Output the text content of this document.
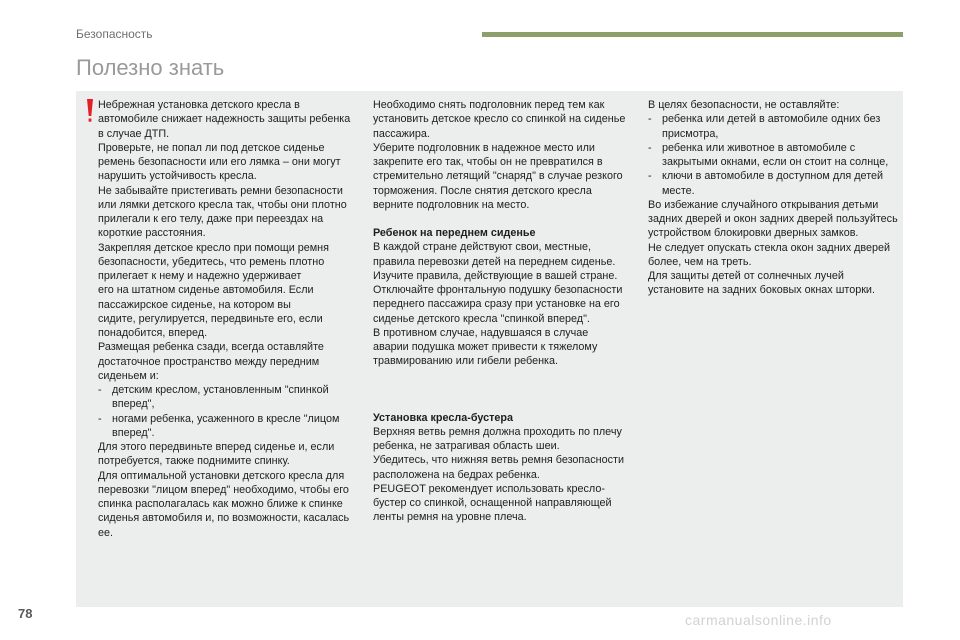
Безопасность
Полезно знать

Небрежная установка детского кресла в
автомобиле снижает надежность защиты ребенка
в случае ДТП.
Проверьте, не попал ли под детское сиденье
ремень безопасности или его лямка – они могут
нарушить устойчивость кресла.
Не забывайте пристегивать ремни безопасности
или лямки детского кресла так, чтобы они плотно
прилегали к его телу, даже при переездах на
короткие расстояния.
Закрепляя детское кресло при помощи ремня
безопасности, убедитесь, что ремень плотно
прилегает к нему и надежно удерживает
его на штатном сиденье автомобиля. Если
пассажирское сиденье, на котором вы
сидите, регулируется, передвиньте его, если
понадобится, вперед.
Размещая ребенка сзади, всегда оставляйте
достаточное пространство между передним
сиденьем и:

- детским креслом, установленным "спинкой
вперед",
- ногами ребенка, усаженного в кресле "лицом
вперед".

Для этого передвиньте вперед сиденье и, если
потребуется, также поднимите спинку.
Для оптимальной установки детского кресла для
перевозки "лицом вперед" необходимо, чтобы его
спинка располагалась как можно ближе к спинке
сиденья автомобиля и, по возможности, касалась
ее.

Необходимо снять подголовник перед тем как
установить детское кресло со спинкой на сиденье
пассажира.
Уберите подголовник в надежное место или
закрепите его так, чтобы он не превратился в
стремительно летящий "снаряд" в случае резкого
торможения. После снятия детского кресла
верните подголовник на место.

Ребенок на переднем сиденье

В каждой стране действуют свои, местные,
правила перевозки детей на переднем сиденье.
Изучите правила, действующие в вашей стране.
Отключайте фронтальную подушку безопасности
переднего пассажира сразу при установке на его
сиденье детского кресла "спинкой вперед".
В противном случае, надувшаяся в случае
аварии подушка может привести к тяжелому
травмированию или гибели ребенка.

Установка кресла-бустера

Верхняя ветвь ремня должна проходить по плечу
ребенка, не затрагивая область шеи.
Убедитесь, что нижняя ветвь ремня безопасности
расположена на бедрах ребенка.
PEUGEOT рекомендует использовать кресло-
бустер со спинкой, оснащенной направляющей
ленты ремня на уровне плеча.

В целях безопасности, не оставляйте:

- ребенка или детей в автомобиле одних без
присмотра,
- ребенка или животное в автомобиле с
закрытыми окнами, если он стоит на солнце,
- ключи в автомобиле в доступном для детей
месте.

Во избежание случайного открывания детьми
задних дверей и окон задних дверей пользуйтесь
устройством блокировки дверных замков.
Не следует опускать стекла окон задних дверей
более, чем на треть.
Для защиты детей от солнечных лучей
установите на задних боковых окнах шторки.

78	carmanualsonline.info
